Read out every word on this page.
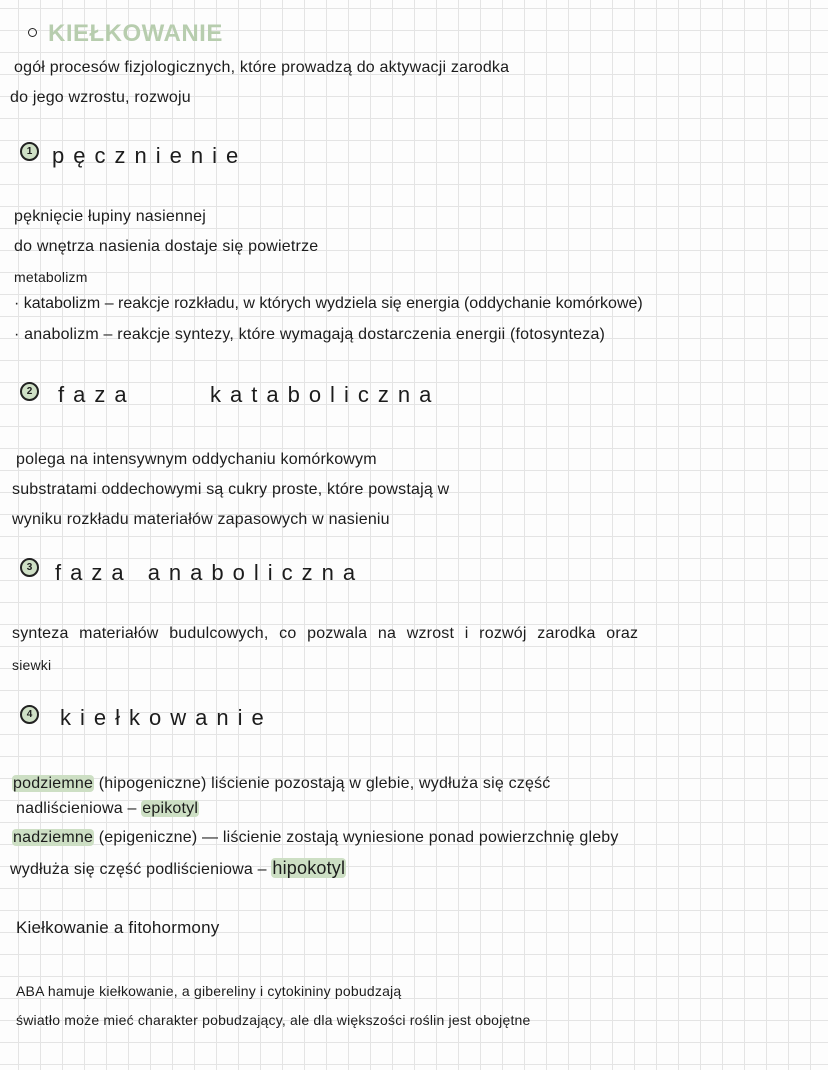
KIEŁKOWANIE
ogół procesów fizjologicznych, które prowadzą do aktywacji zarodka
do jego wzrostu, rozwoju
1 pęcznienie
pęknięcie łupiny nasiennej
do wnętrza nasienia dostaje się powietrze
metabolizm
· katabolizm – reakcje rozkładu, w których wydziela się energia (oddychanie komórkowe)
· anabolizm – reakcje syntezy, które wymagają dostarczenia energii (fotosynteza)
2	faza	kataboliczna
polega na intensywnym oddychaniu komórkowym
substratami oddechowymi są cukry proste, które powstają w
wyniku rozkładu materiałów zapasowych w nasieniu
3	faza anaboliczna
synteza materiałów budulcowych, co pozwala na wzrost i rozwój zarodka oraz
siewki
4	kiełkowanie
podziemne (hipogeniczne) liścienie pozostają w glebie, wydłuża się część
nadliścieniowa – epikotyl
nadziemne (epigeniczne) — liścienie zostają wyniesione ponad powierzchnię gleby
wydłuża się część podliścieniowa – hipokotyl
Kiełkowanie a fitohormony
ABA hamuje kiełkowanie, a gibereliny i cytokininy pobudzają
światło może mieć charakter pobudzający, ale dla większości roślin jest obojętne
